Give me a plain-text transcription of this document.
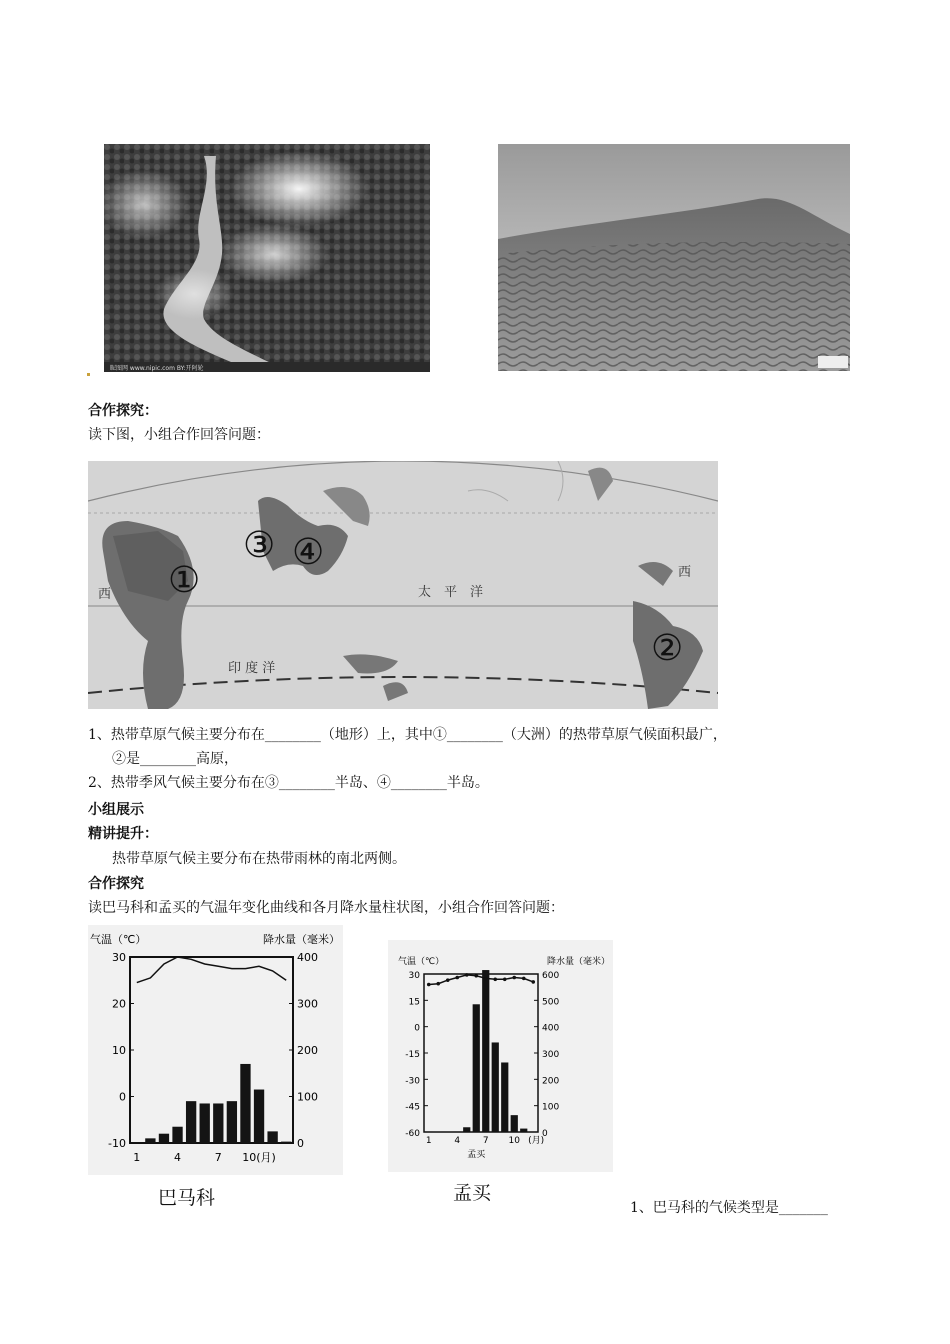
昵图网 www.nipic.com BY:开阿轮
合作探究：
读下图，小组合作回答问题：
西
西
太　平　洋
印 度 洋
①
②
③ ④
1、热带草原气候主要分布在________（地形）上，其中①________（大洲）的热带草原气候面积最广，
②是________高原，
2、热带季风气候主要分布在③________半岛、④________半岛。
小组展示
精讲提升：
热带草原气候主要分布在热带雨林的南北两侧。
合作探究
读巴马科和孟买的气温年变化曲线和各月降水量柱状图，小组合作回答问题：
气温（℃）	降水量（毫米）
30
20
10
0
-10
400
300
200
100
0
1	4	7 10(月)
巴马科
气温（℃）	降水量（毫米）
30
15
0
-15
-30
-45
-60
600
500
400
300
200
100
0
1	4	7 10 (月)
孟买
孟买
1、巴马科的气候类型是_______
